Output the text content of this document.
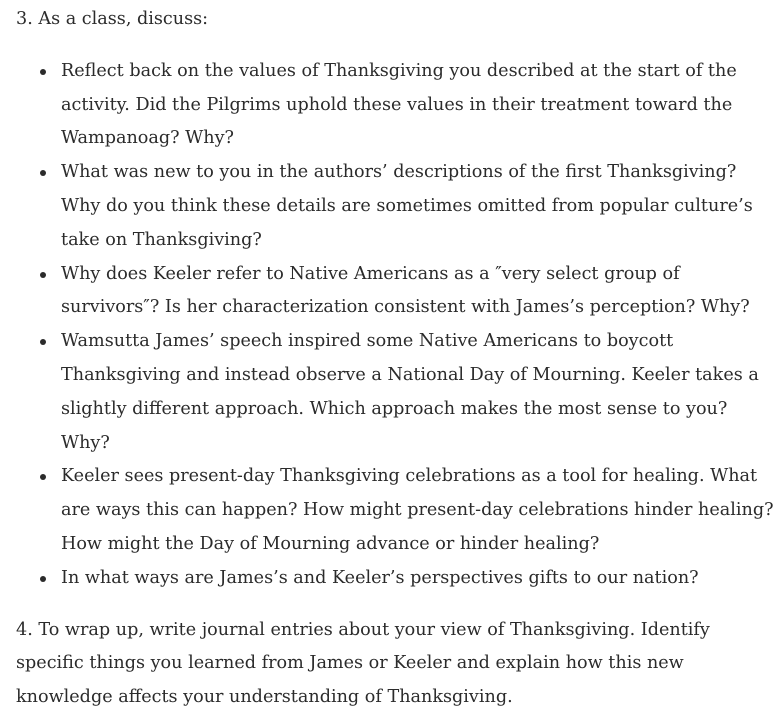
3. As a class, discuss:

Reflect back on the values of Thanksgiving you described at the start of the activity. Did the Pilgrims uphold these values in their treatment toward the Wampanoag? Why?
What was new to you in the authors’ descriptions of the first Thanksgiving? Why do you think these details are sometimes omitted from popular culture’s take on Thanksgiving?
Why does Keeler refer to Native Americans as a ″very select group of survivors″? Is her characterization consistent with James’s perception? Why?
Wamsutta James’ speech inspired some Native Americans to boycott Thanksgiving and instead observe a National Day of Mourning. Keeler takes a slightly different approach. Which approach makes the most sense to you? Why?
Keeler sees present-day Thanksgiving celebrations as a tool for healing. What are ways this can happen? How might present-day celebrations hinder healing? How might the Day of Mourning advance or hinder healing?
In what ways are James’s and Keeler’s perspectives gifts to our nation?

4. To wrap up, write journal entries about your view of Thanksgiving. Identify specific things you learned from James or Keeler and explain how this new knowledge affects your understanding of Thanksgiving.
